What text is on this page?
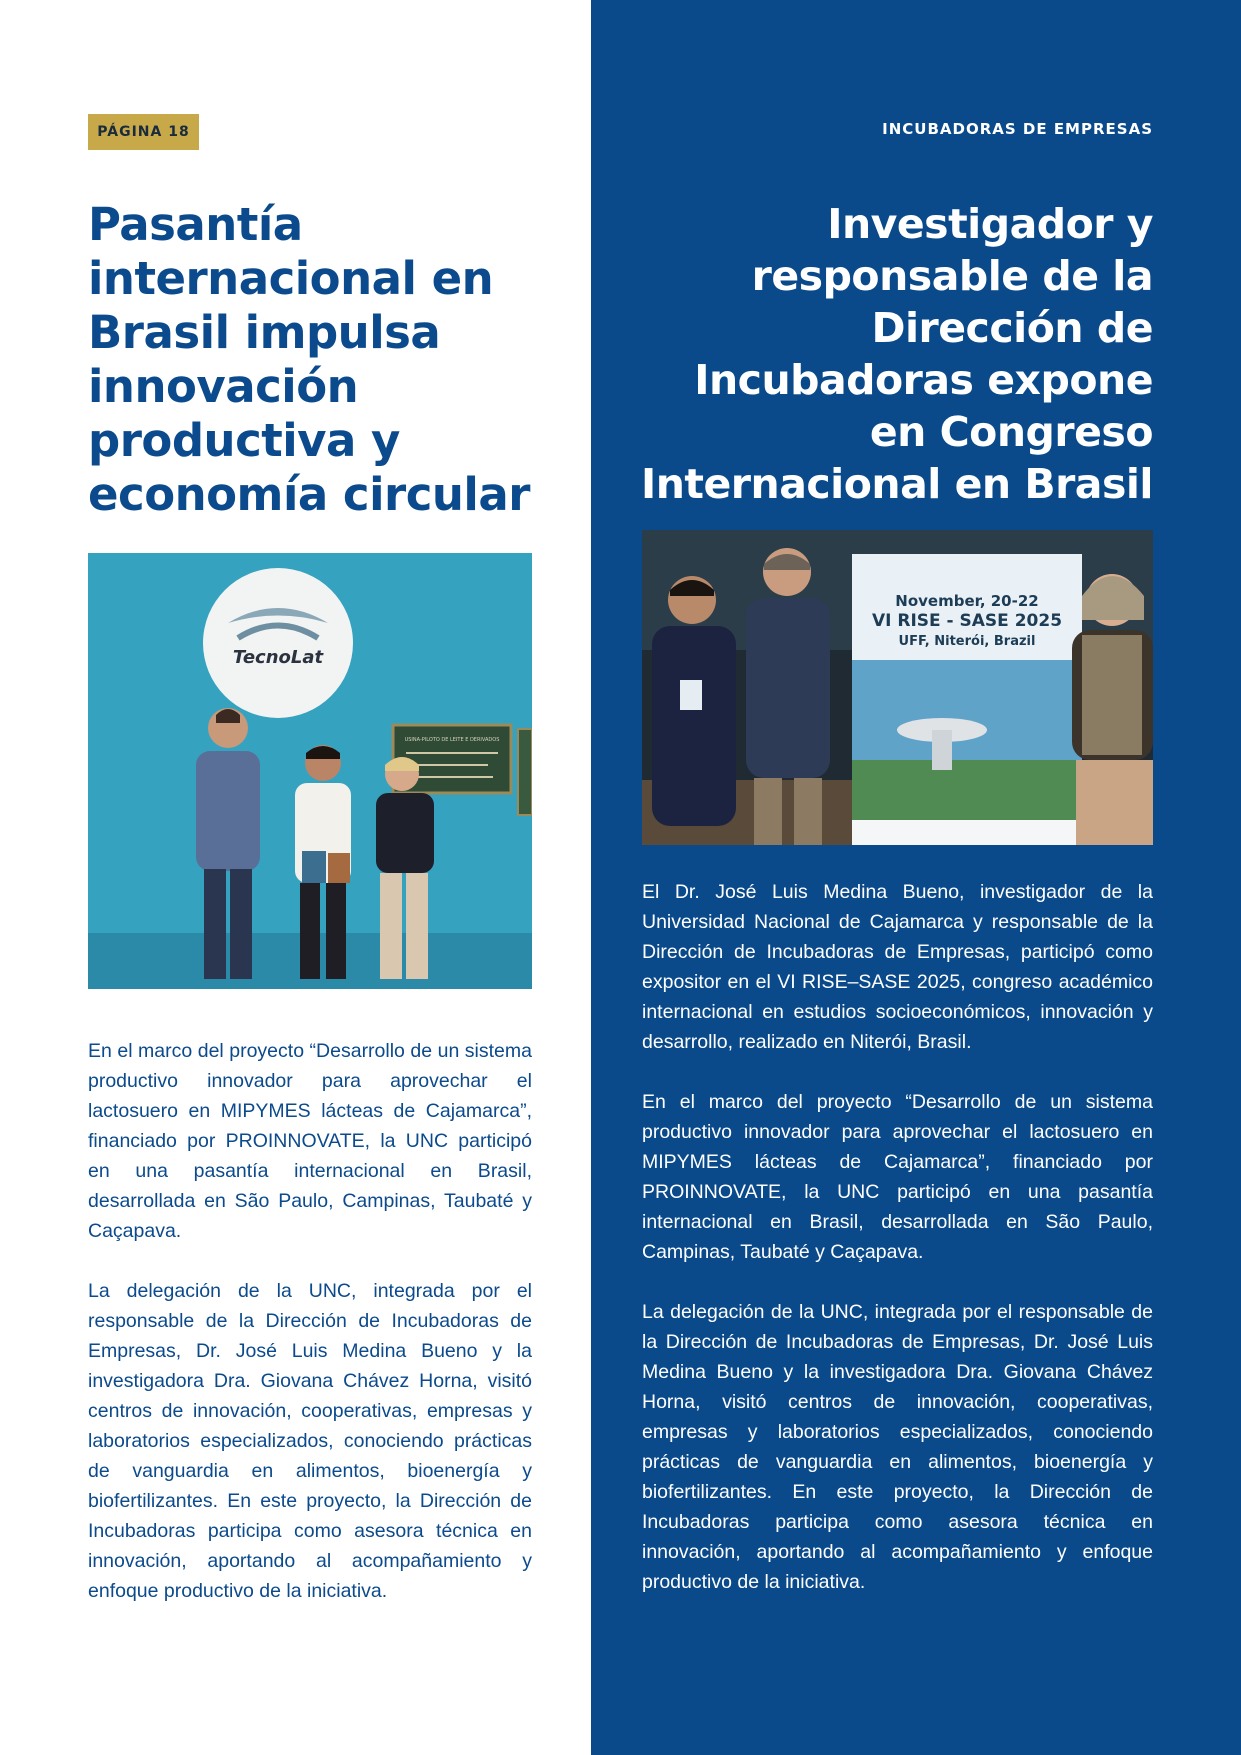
PÁGINA 18
Pasantía internacional en Brasil impulsa innovación productiva y economía circular
TecnoLat
USINA-PILOTO DE LEITE E DERIVADOS

En el marco del proyecto “Desarrollo de un sistema productivo innovador para aprovechar el lactosuero en MIPYMES lácteas de Cajamarca”, financiado por PROINNOVATE, la UNC participó en una pasantía internacional en Brasil, desarrollada en São Paulo, Campinas, Taubaté y Caçapava.

La delegación de la UNC, integrada por el responsable de la Dirección de Incubadoras de Empresas, Dr. José Luis Medina Bueno y la investigadora Dra. Giovana Chávez Horna, visitó centros de innovación, cooperativas, empresas y laboratorios especializados, conociendo prácticas de vanguardia en alimentos, bioenergía y biofertilizantes. En este proyecto, la Dirección de Incubadoras participa como asesora técnica en innovación, aportando al acompañamiento y enfoque productivo de la iniciativa.

INCUBADORAS DE EMPRESAS
Investigador y responsable de la Dirección de Incubadoras expone en Congreso Internacional en Brasil
November, 20-22
VI RISE - SASE 2025
UFF, Niterói, Brazil

El Dr. José Luis Medina Bueno, investigador de la Universidad Nacional de Cajamarca y responsable de la Dirección de Incubadoras de Empresas, participó como expositor en el VI RISE–SASE 2025, congreso académico internacional en estudios socioeconómicos, innovación y desarrollo, realizado en Niterói, Brasil.

En el marco del proyecto “Desarrollo de un sistema productivo innovador para aprovechar el lactosuero en MIPYMES lácteas de Cajamarca”, financiado por PROINNOVATE, la UNC participó en una pasantía internacional en Brasil, desarrollada en São Paulo, Campinas, Taubaté y Caçapava.

La delegación de la UNC, integrada por el responsable de la Dirección de Incubadoras de Empresas, Dr. José Luis Medina Bueno y la investigadora Dra. Giovana Chávez Horna, visitó centros de innovación, cooperativas, empresas y laboratorios especializados, conociendo prácticas de vanguardia en alimentos, bioenergía y biofertilizantes. En este proyecto, la Dirección de Incubadoras participa como asesora técnica en innovación, aportando al acompañamiento y enfoque productivo de la iniciativa.
